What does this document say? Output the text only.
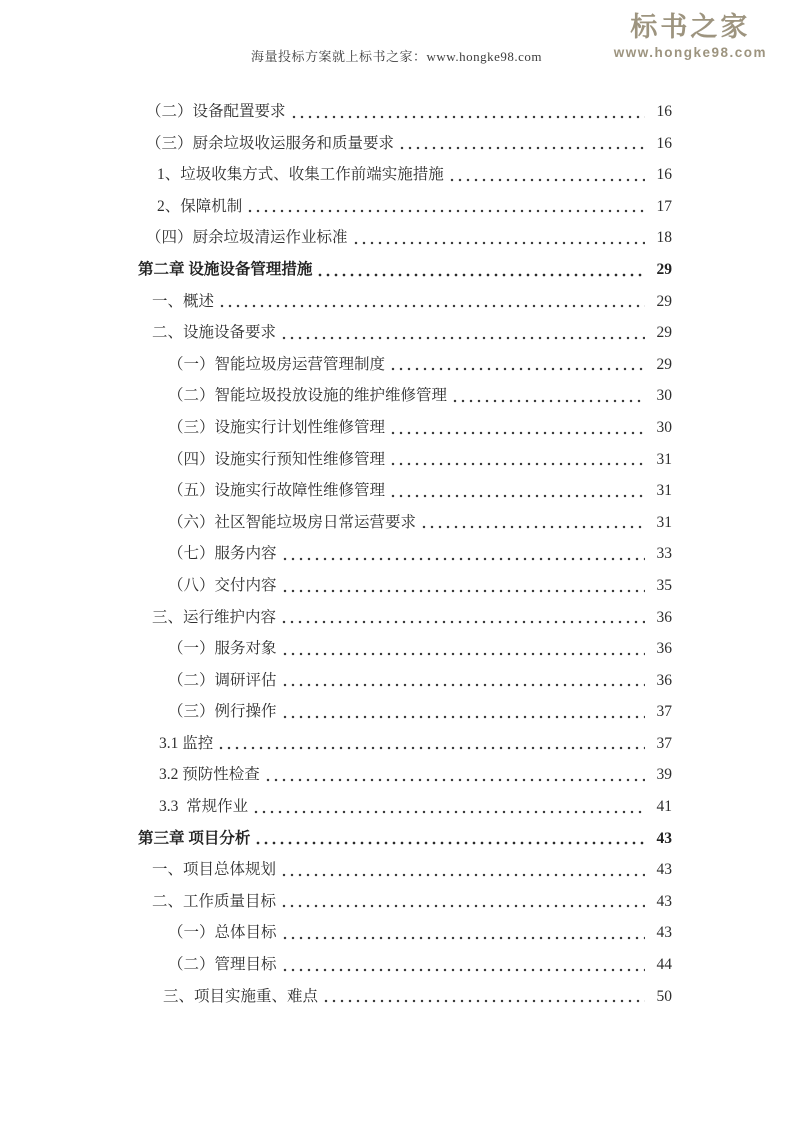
海量投标方案就上标书之家：www.hongke98.com
标书之家
www.hongke98.com
（二）设备配置要求	16
（三）厨余垃圾收运服务和质量要求	16
1、垃圾收集方式、收集工作前端实施措施	16
2、保障机制	17
（四）厨余垃圾清运作业标准	18
第二章 设施设备管理措施	29
一、概述	29
二、设施设备要求	29
（一）智能垃圾房运营管理制度	29
（二）智能垃圾投放设施的维护维修管理	30
（三）设施实行计划性维修管理	30
（四）设施实行预知性维修管理	31
（五）设施实行故障性维修管理	31
（六）社区智能垃圾房日常运营要求	31
（七）服务内容	33
（八）交付内容	35
三、运行维护内容	36
（一）服务对象	36
（二）调研评估	36
（三）例行操作	37
3.1 监控	37
3.2 预防性检查	39
3.3  常规作业	41
第三章 项目分析	43
一、项目总体规划	43
二、工作质量目标	43
（一）总体目标	43
（二）管理目标	44
三、项目实施重、难点	50
